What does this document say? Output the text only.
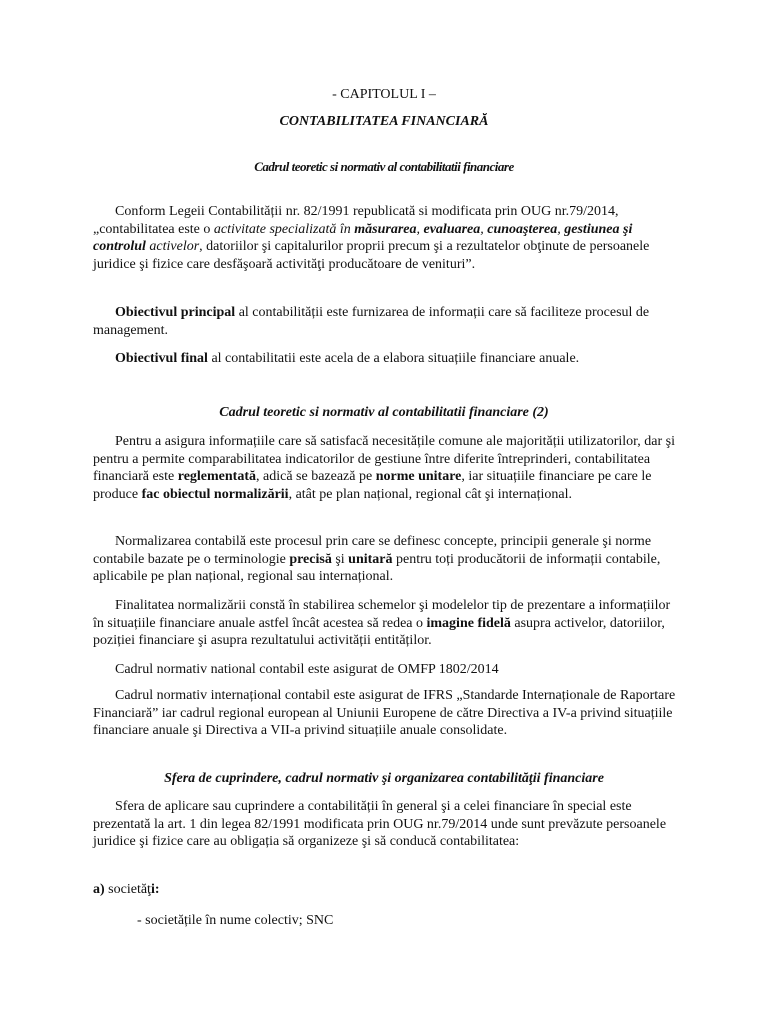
- CAPITOLUL I –
CONTABILITATEA FINANCIARĂ
Cadrul teoretic si normativ al contabilitatii financiare

Conform Legeii Contabilității nr. 82/1991 republicată si modificata prin OUG nr.79/2014,„contabilitatea este o activitate specializată în măsurarea, evaluarea, cunoaşterea, gestiunea şi controlul activelor, datoriilor şi capitalurilor proprii precum şi a rezultatelor obţinute de persoanele juridice şi fizice care desfăşoară activităţi producătoare de venituri”.

Obiectivul principal al contabilității este furnizarea de informații care să faciliteze procesul de management.

Obiectivul final al contabilitatii este acela de a elabora situațiile financiare anuale.

Cadrul teoretic si normativ al contabilitatii financiare (2)

Pentru a asigura informațiile care să satisfacă necesitățile comune ale majorității utilizatorilor, dar şi pentru a permite comparabilitatea indicatorilor de gestiune între diferite întreprinderi, contabilitatea financiară este reglementată, adică se bazează pe norme unitare, iar situațiile financiare pe care le produce fac obiectul normalizării, atât pe plan național, regional cât şi internațional.

Normalizarea contabilă este procesul prin care se definesc concepte, principii generale şi norme contabile bazate pe o terminologie precisă şi unitară pentru toți producătorii de informații contabile, aplicabile pe plan național, regional sau internațional.

Finalitatea normalizării constă în stabilirea schemelor şi modelelor tip de prezentare a informațiilor în situațiile financiare anuale astfel încât acestea să redea o imagine fidelă asupra activelor, datoriilor, poziției financiare şi asupra rezultatului activității entităților.

Cadrul normativ national contabil este asigurat de OMFP 1802/2014

Cadrul normativ internațional contabil este asigurat de IFRS „Standarde Internaționale de Raportare Financiară” iar cadrul regional european al Uniunii Europene de către Directiva a IV-a privind situațiile financiare anuale şi Directiva a VII-a privind situațiile anuale consolidate.

Sfera de cuprindere, cadrul normativ şi organizarea contabilităţii financiare

Sfera de aplicare sau cuprindere a contabilității în general şi a celei financiare în special este prezentată la art. 1 din legea 82/1991 modificata prin OUG nr.79/2014 unde sunt prevăzute persoanele juridice şi fizice care au obligația să organizeze şi să conducă contabilitatea:

a) societăţi:

- societățile în nume colectiv; SNC
